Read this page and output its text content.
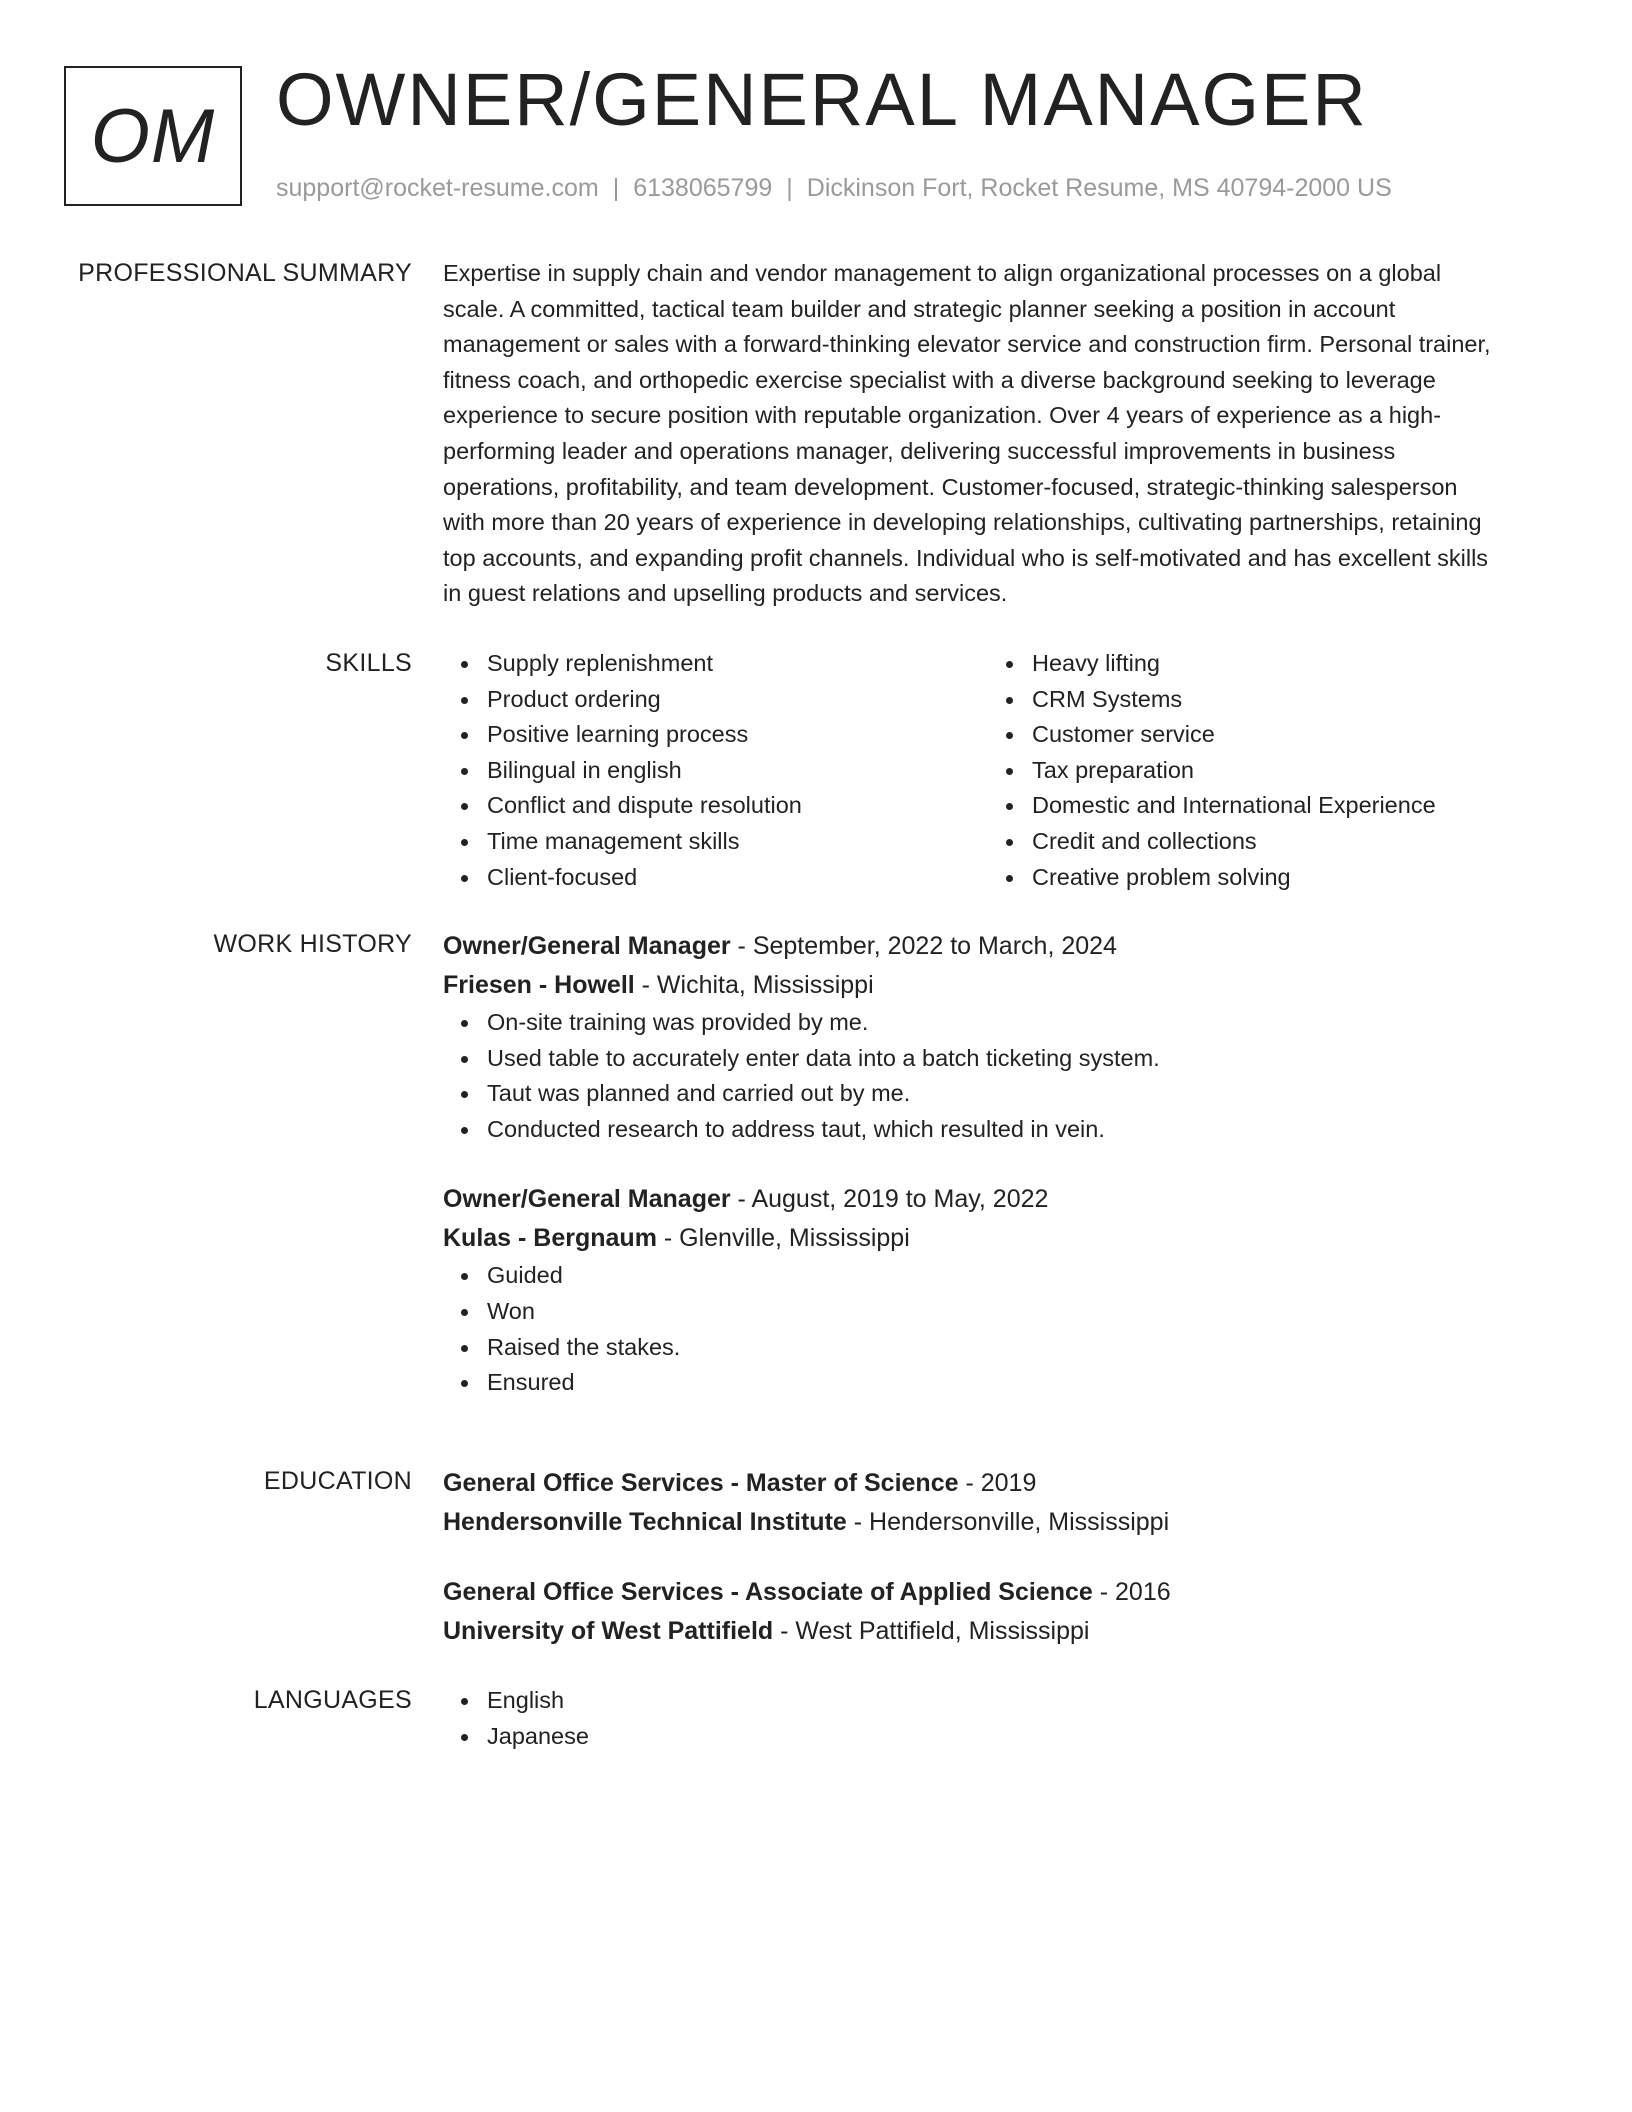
OM OWNER/GENERAL MANAGER
support@rocket-resume.com | 6138065799 | Dickinson Fort, Rocket Resume, MS 40794-2000 US
PROFESSIONAL SUMMARY Expertise in supply chain and vendor management to align organizational processes on a global
scale. A committed, tactical team builder and strategic planner seeking a position in account
management or sales with a forward-thinking elevator service and construction firm. Personal trainer,
fitness coach, and orthopedic exercise specialist with a diverse background seeking to leverage
experience to secure position with reputable organization. Over 4 years of experience as a high-
performing leader and operations manager, delivering successful improvements in business
operations, profitability, and team development. Customer-focused, strategic-thinking salesperson
with more than 20 years of experience in developing relationships, cultivating partnerships, retaining
top accounts, and expanding profit channels. Individual who is self-motivated and has excellent skills
in guest relations and upselling products and services.
SKILLS	Supply replenishment
Product ordering
Positive learning process
Bilingual in english
Conflict and dispute resolution
Time management skills
Client-focused
Heavy lifting
CRM Systems
Customer service
Tax preparation
Domestic and International Experience
Credit and collections
Creative problem solving
WORK HISTORY Owner/General Manager - September, 2022 to March, 2024
Friesen - Howell - Wichita, Mississippi
On-site training was provided by me.
Used table to accurately enter data into a batch ticketing system.
Taut was planned and carried out by me.
Conducted research to address taut, which resulted in vein.
Owner/General Manager - August, 2019 to May, 2022
Kulas - Bergnaum - Glenville, Mississippi
Guided
Won
Raised the stakes.
Ensured
EDUCATION General Office Services - Master of Science - 2019
Hendersonville Technical Institute - Hendersonville, Mississippi
General Office Services - Associate of Applied Science - 2016
University of West Pattifield - West Pattifield, Mississippi
LANGUAGES	English
Japanese
